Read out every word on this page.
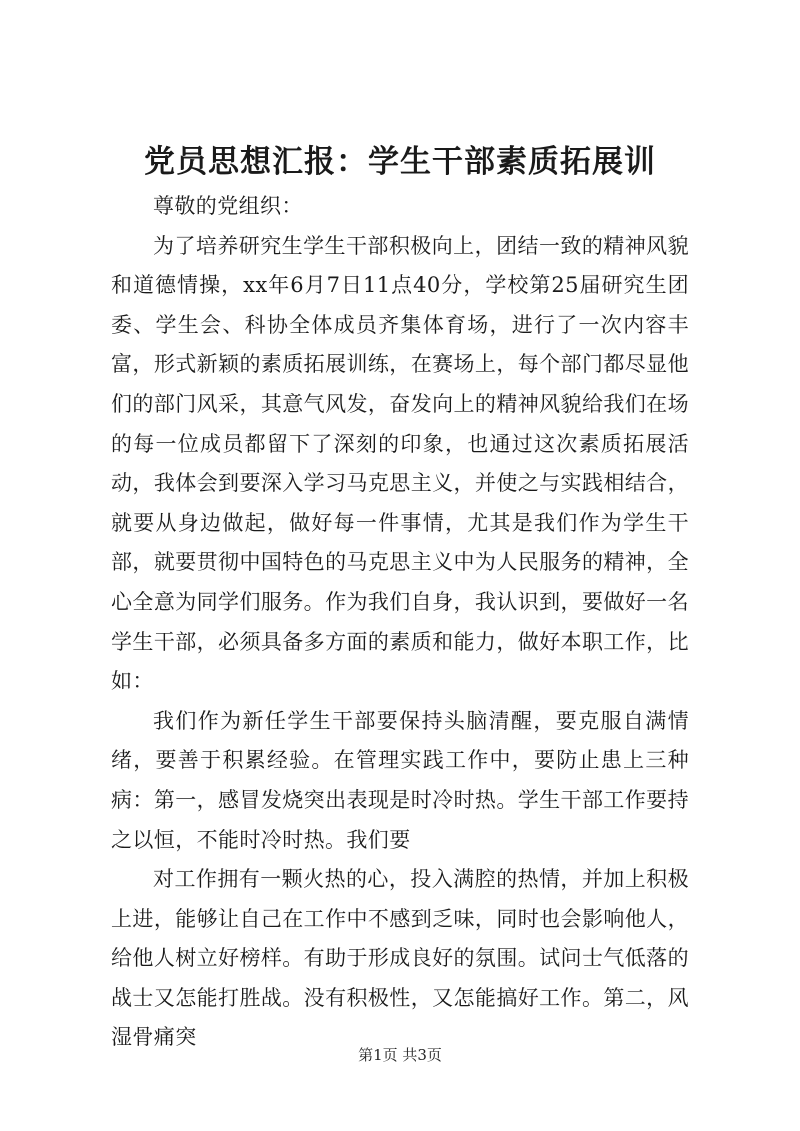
党员思想汇报：学生干部素质拓展训

尊敬的党组织：

为了培养研究生学生干部积极向上，团结一致的精神风貌和道德情操，xx年6月7日11点40分，学校第25届研究生团委、学生会、科协全体成员齐集体育场，进行了一次内容丰富，形式新颖的素质拓展训练，在赛场上，每个部门都尽显他们的部门风采，其意气风发，奋发向上的精神风貌给我们在场的每一位成员都留下了深刻的印象，也通过这次素质拓展活动，我体会到要深入学习马克思主义，并使之与实践相结合，就要从身边做起，做好每一件事情，尤其是我们作为学生干部，就要贯彻中国特色的马克思主义中为人民服务的精神，全心全意为同学们服务。作为我们自身，我认识到，要做好一名学生干部，必须具备多方面的素质和能力，做好本职工作，比如：

我们作为新任学生干部要保持头脑清醒，要克服自满情绪，要善于积累经验。在管理实践工作中，要防止患上三种病：第一，感冒发烧突出表现是时冷时热。学生干部工作要持之以恒，不能时冷时热。我们要

对工作拥有一颗火热的心，投入满腔的热情，并加上积极上进，能够让自己在工作中不感到乏味，同时也会影响他人，给他人树立好榜样。有助于形成良好的氛围。试问士气低落的战士又怎能打胜战。没有积极性，又怎能搞好工作。第二，风湿骨痛突

第1页 共3页
